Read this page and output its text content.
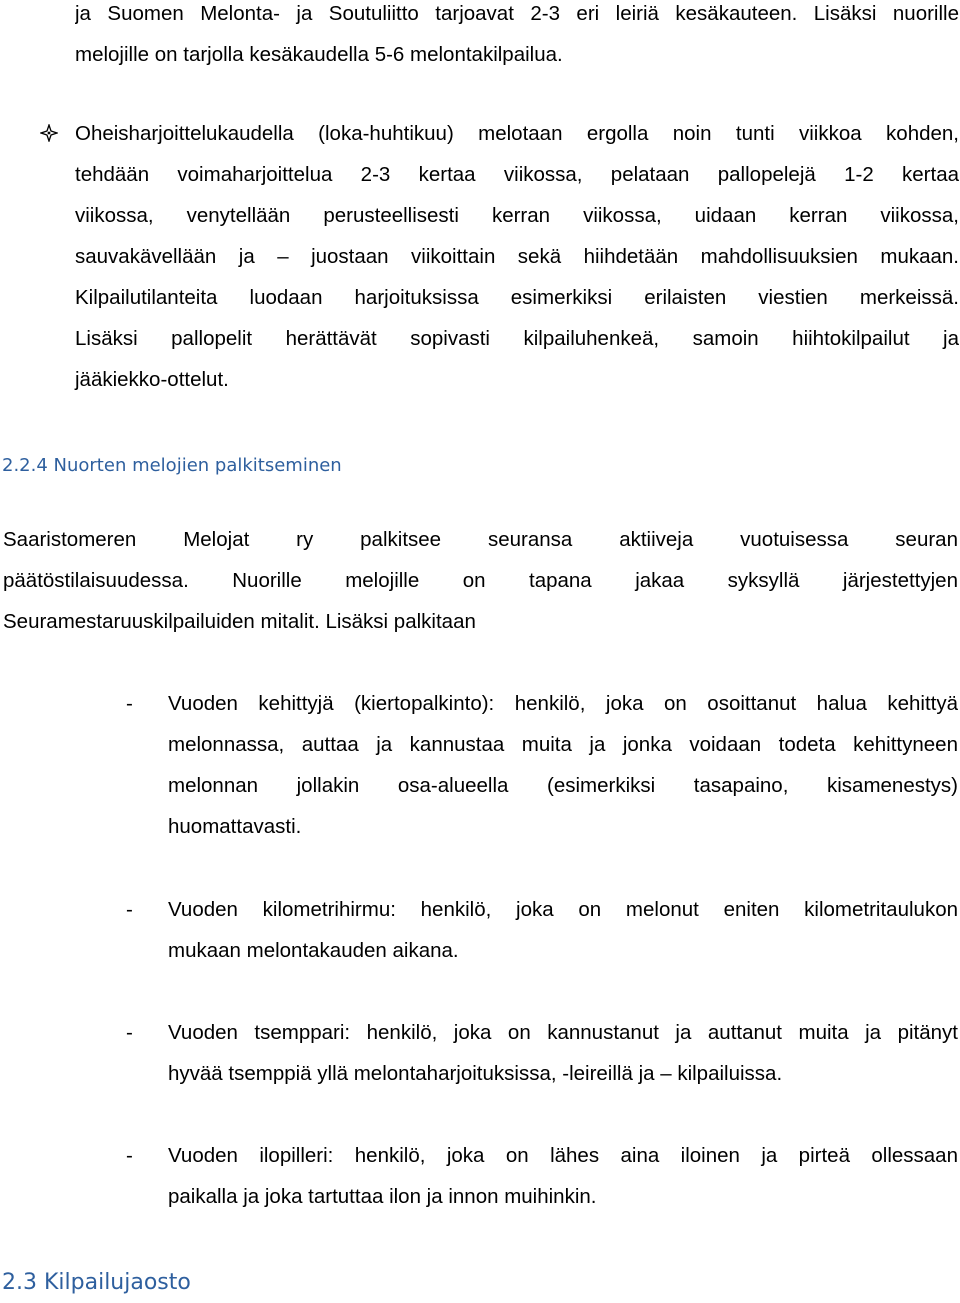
ja Suomen Melonta- ja Soutuliitto tarjoavat 2-3 eri leiriä kesäkauteen. Lisäksi nuorille
melojille on tarjolla kesäkaudella 5-6 melontakilpailua.
Oheisharjoittelukaudella (loka-huhtikuu) melotaan ergolla noin tunti viikkoa kohden,
tehdään voimaharjoittelua 2-3 kertaa viikossa, pelataan pallopelejä 1-2 kertaa
viikossa, venytellään perusteellisesti kerran viikossa, uidaan kerran viikossa,
sauvakävellään ja – juostaan viikoittain sekä hiihdetään mahdollisuuksien mukaan.
Kilpailutilanteita luodaan harjoituksissa esimerkiksi erilaisten viestien merkeissä.
Lisäksi pallopelit herättävät sopivasti kilpailuhenkeä, samoin hiihtokilpailut ja
jääkiekko-ottelut.
2.2.4 Nuorten melojien palkitseminen
Saaristomeren Melojat ry palkitsee seuransa aktiiveja vuotuisessa seuran
päätöstilaisuudessa. Nuorille melojille on tapana jakaa syksyllä järjestettyjen
Seuramestaruuskilpailuiden mitalit. Lisäksi palkitaan
-	Vuoden kehittyjä (kiertopalkinto): henkilö, joka on osoittanut halua kehittyä
melonnassa, auttaa ja kannustaa muita ja jonka voidaan todeta kehittyneen
melonnan jollakin osa-alueella (esimerkiksi tasapaino, kisamenestys)
huomattavasti.
-	Vuoden kilometrihirmu: henkilö, joka on melonut eniten kilometritaulukon
mukaan melontakauden aikana.
-	Vuoden tsemppari: henkilö, joka on kannustanut ja auttanut muita ja pitänyt
hyvää tsemppiä yllä melontaharjoituksissa, -leireillä ja – kilpailuissa.
-	Vuoden ilopilleri: henkilö, joka on lähes aina iloinen ja pirteä ollessaan
paikalla ja joka tartuttaa ilon ja innon muihinkin.
2.3 Kilpailujaosto
